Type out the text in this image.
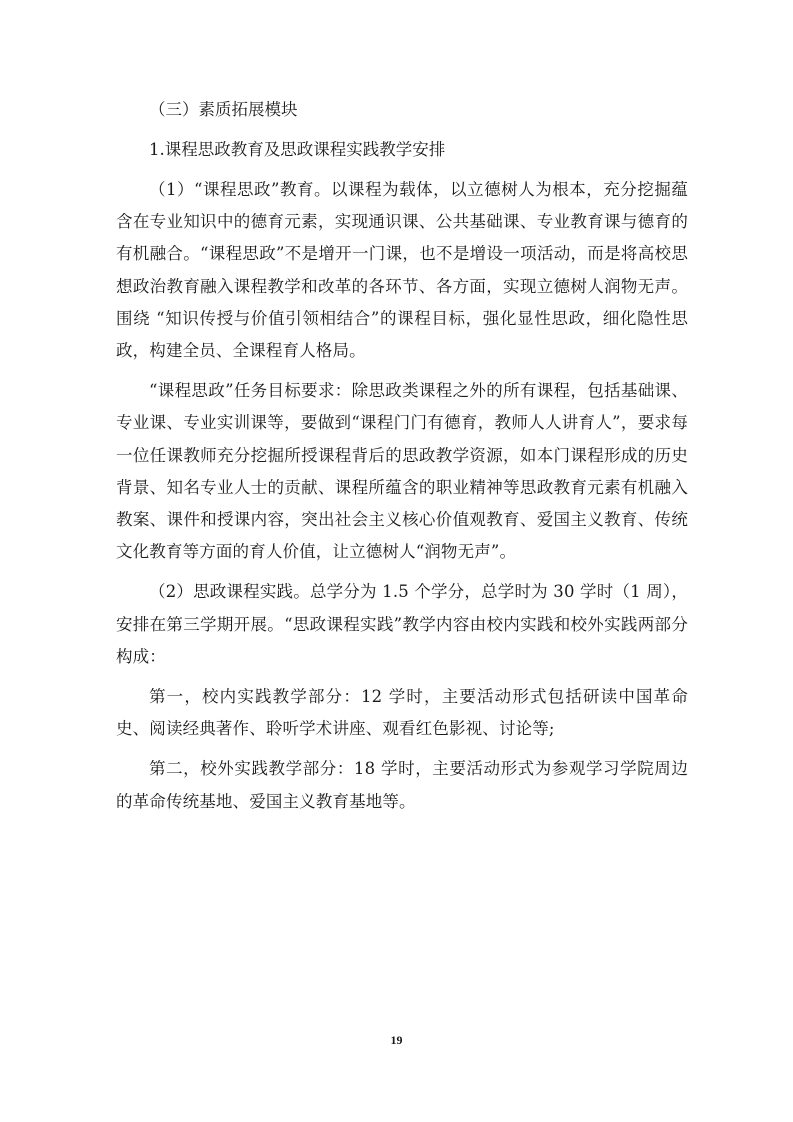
（三）素质拓展模块

1.课程思政教育及思政课程实践教学安排

（1）“课程思政”教育。以课程为载体，以立德树人为根本，充分挖掘蕴含在专业知识中的德育元素，实现通识课、公共基础课、专业教育课与德育的有机融合。“课程思政”不是增开一门课，也不是增设一项活动，而是将高校思想政治教育融入课程教学和改革的各环节、各方面，实现立德树人润物无声。围绕 “知识传授与价值引领相结合”的课程目标，强化显性思政，细化隐性思政，构建全员、全课程育人格局。

“课程思政”任务目标要求：除思政类课程之外的所有课程，包括基础课、专业课、专业实训课等，要做到“课程门门有德育，教师人人讲育人”，要求每一位任课教师充分挖掘所授课程背后的思政教学资源，如本门课程形成的历史背景、知名专业人士的贡献、课程所蕴含的职业精神等思政教育元素有机融入教案、课件和授课内容，突出社会主义核心价值观教育、爱国主义教育、传统文化教育等方面的育人价值，让立德树人“润物无声”。

（2）思政课程实践。总学分为 1.5 个学分，总学时为 30 学时（1 周），安排在第三学期开展。“思政课程实践”教学内容由校内实践和校外实践两部分构成：

第一，校内实践教学部分：12 学时，主要活动形式包括研读中国革命史、阅读经典著作、聆听学术讲座、观看红色影视、讨论等;

第二，校外实践教学部分：18 学时，主要活动形式为参观学习学院周边的革命传统基地、爱国主义教育基地等。

19
